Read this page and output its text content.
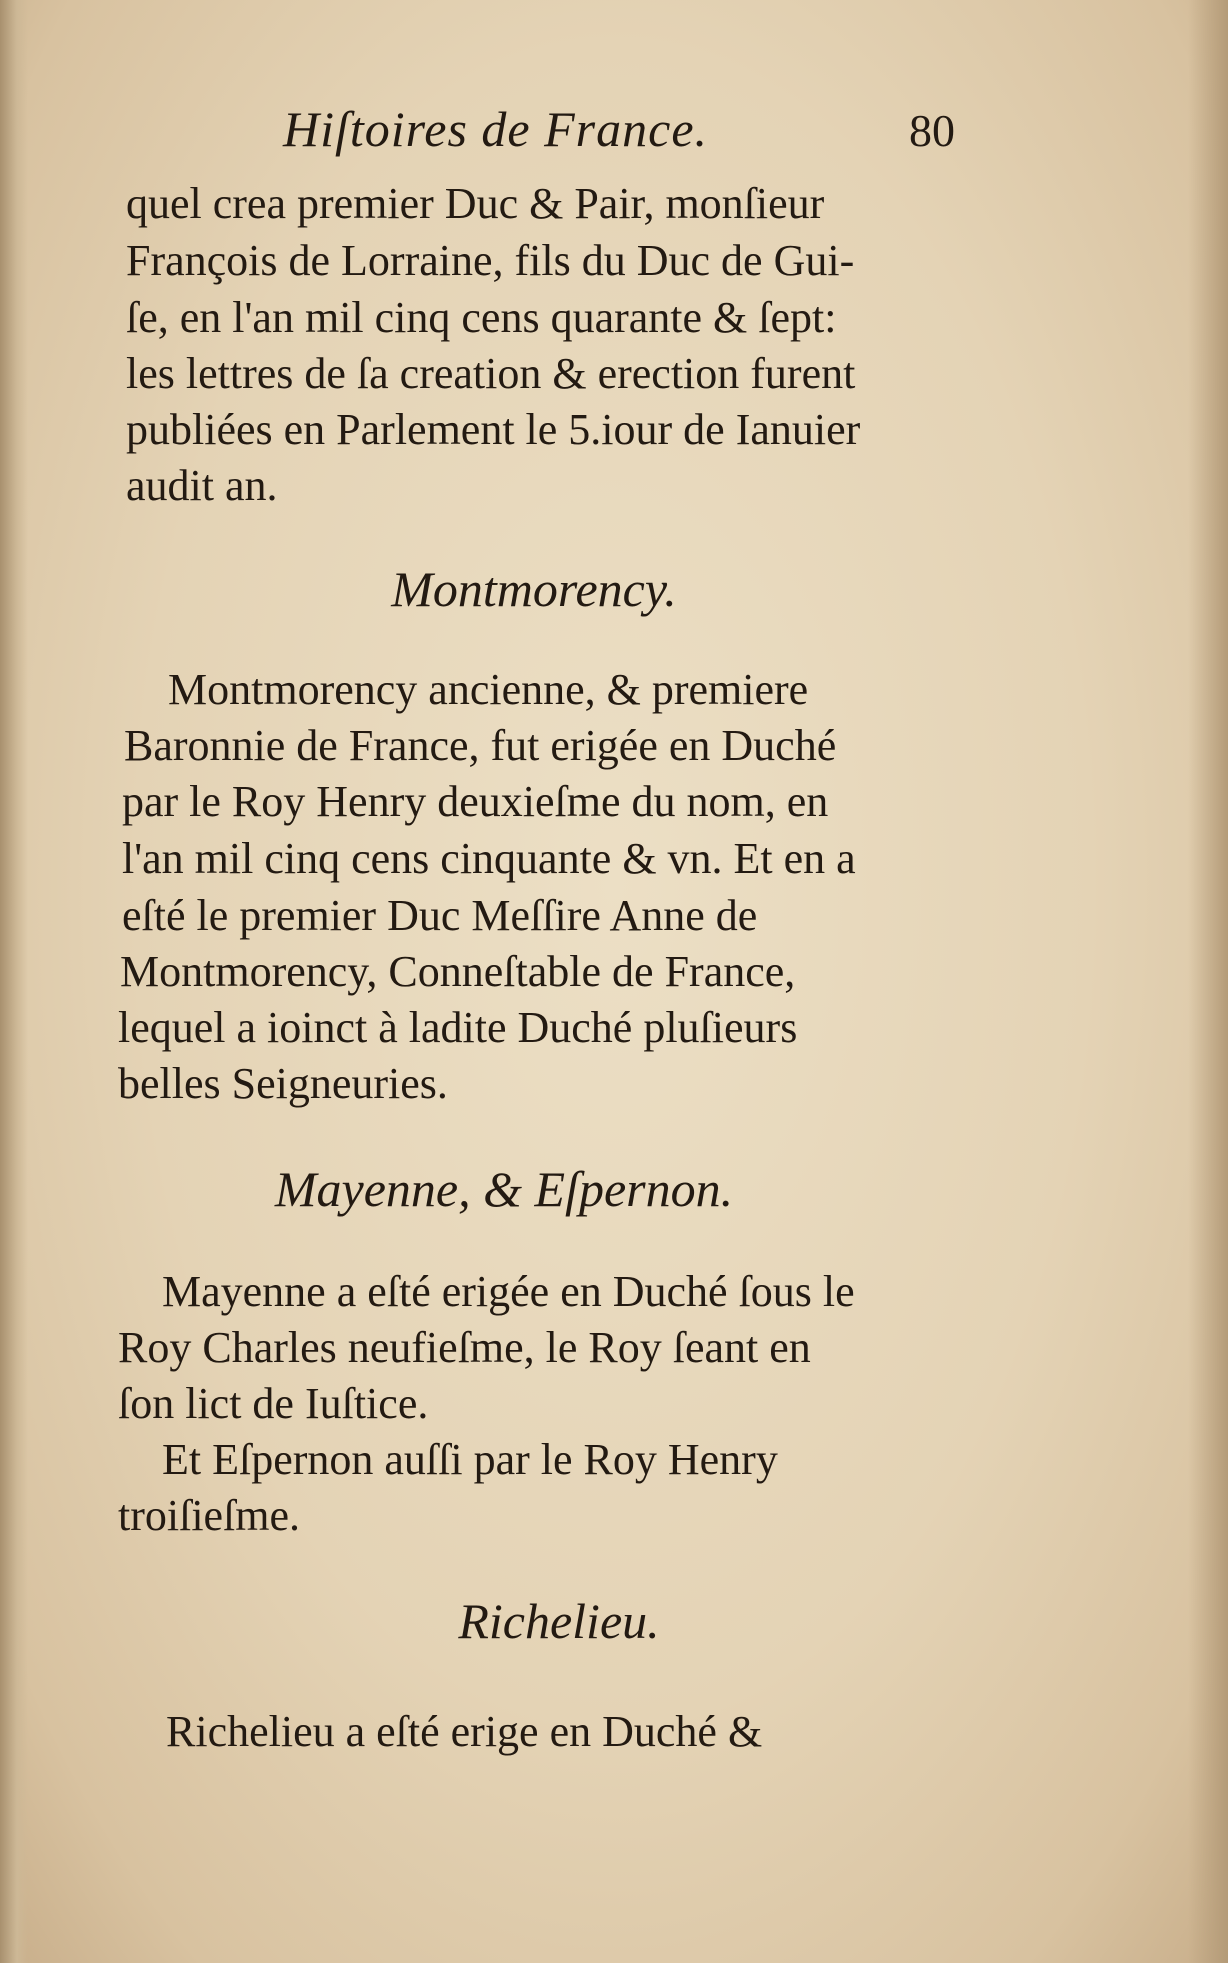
Hiſtoires de France.	80
quel crea premier Duc & Pair, monſieur
François de Lorraine, fils du Duc de Gui-
ſe, en l'an mil cinq cens quarante & ſept:
les lettres de ſa creation & erection furent
publiées en Parlement le 5.iour de Ianuier
audit an.
Montmorency.
Montmorency ancienne, & premiere
Baronnie de France, fut erigée en Duché
par le Roy Henry deuxieſme du nom, en
l'an mil cinq cens cinquante & vn. Et en a
eſté le premier Duc Meſſire Anne de
Montmorency, Conneſtable de France,
lequel a ioinct à ladite Duché pluſieurs
belles Seigneuries.
Mayenne, & Eſpernon.
Mayenne a eſté erigée en Duché ſous le
Roy Charles neufieſme, le Roy ſeant en
ſon lict de Iuſtice.
Et Eſpernon auſſi par le Roy Henry
troiſieſme.
Richelieu.
Richelieu a eſté erige en Duché &
